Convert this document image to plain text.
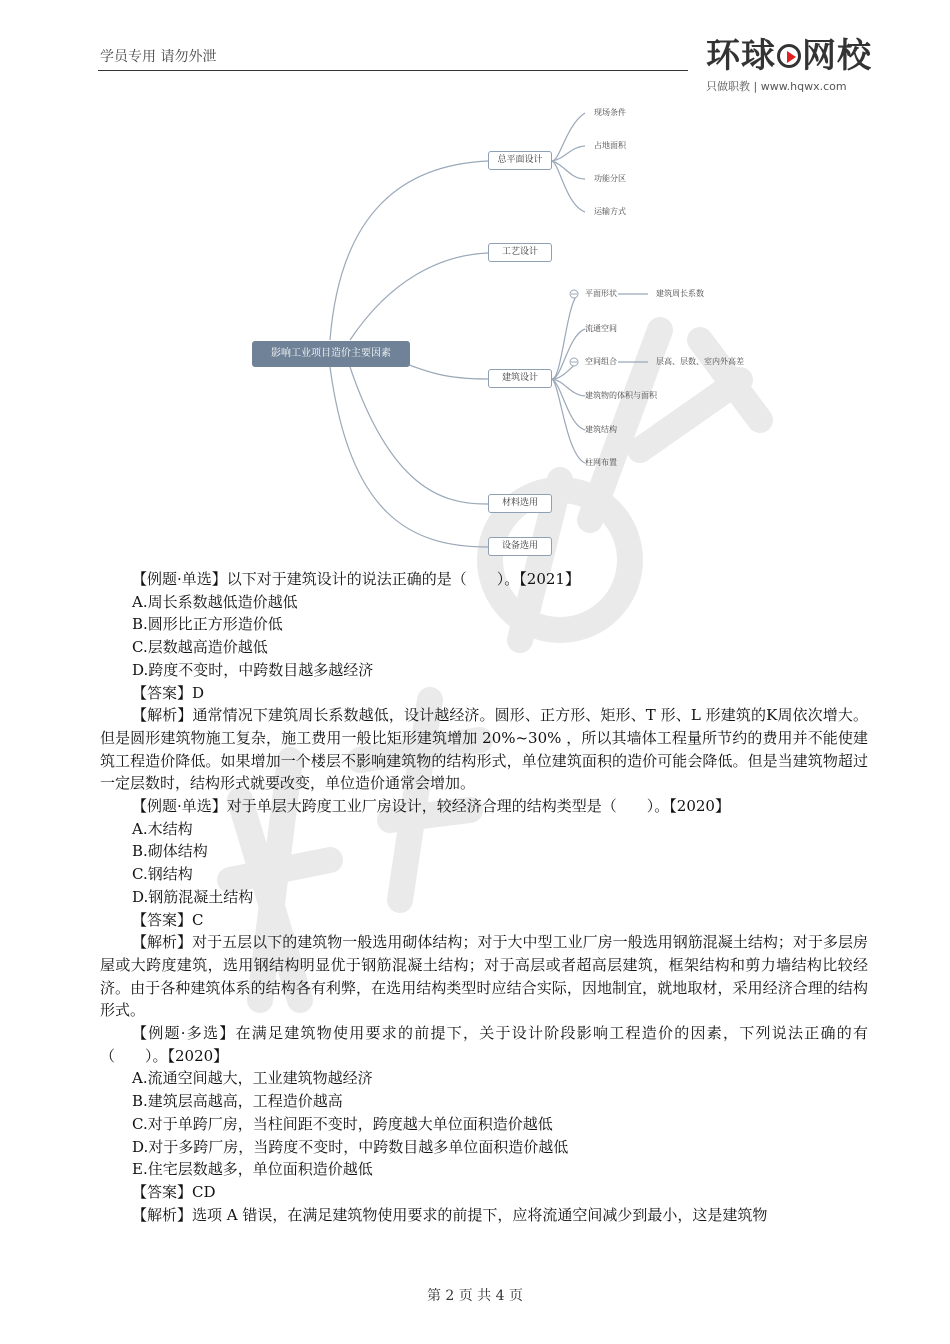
学员专用 请勿外泄	环球 网校
只做职教 | www.hqwx.com
影响工业项目造价主要因素
总平面设计
工艺设计
建筑设计
材料选用
设备选用
现场条件
占地面积
功能分区
运输方式
平面形状	建筑周长系数
流通空间
空间组合	层高、层数、室内外高差
建筑物的体积与面积
建筑结构
柱网布置

【例题·单选】以下对于建筑设计的说法正确的是（　　）。【2021】

A.周长系数越低造价越低

B.圆形比正方形造价低

C.层数越高造价越低

D.跨度不变时，中跨数目越多越经济

【答案】D

【解析】通常情况下建筑周长系数越低，设计越经济。圆形、正方形、矩形、T 形、L 形建筑的K周依次增大。但是圆形建筑物施工复杂，施工费用一般比矩形建筑增加 20%~30% ，所以其墙体工程量所节约的费用并不能使建筑工程造价降低。如果增加一个楼层不影响建筑物的结构形式，单位建筑面积的造价可能会降低。但是当建筑物超过一定层数时，结构形式就要改变，单位造价通常会增加。

【例题·单选】对于单层大跨度工业厂房设计，较经济合理的结构类型是（　　）。【2020】

A.木结构

B.砌体结构

C.钢结构

D.钢筋混凝土结构

【答案】C

【解析】对于五层以下的建筑物一般选用砌体结构；对于大中型工业厂房一般选用钢筋混凝土结构；对于多层房屋或大跨度建筑，选用钢结构明显优于钢筋混凝土结构；对于高层或者超高层建筑，框架结构和剪力墙结构比较经济。由于各种建筑体系的结构各有利弊，在选用结构类型时应结合实际，因地制宜，就地取材，采用经济合理的结构形式。

【例题·多选】在满足建筑物使用要求的前提下，关于设计阶段影响工程造价的因素，下列说法正确的有（　　）。【2020】

A.流通空间越大，工业建筑物越经济

B.建筑层高越高，工程造价越高

C.对于单跨厂房，当柱间距不变时，跨度越大单位面积造价越低

D.对于多跨厂房，当跨度不变时，中跨数目越多单位面积造价越低

E.住宅层数越多，单位面积造价越低

【答案】CD

【解析】选项 A 错误，在满足建筑物使用要求的前提下，应将流通空间减少到最小，这是建筑物

第 2 页 共 4 页
